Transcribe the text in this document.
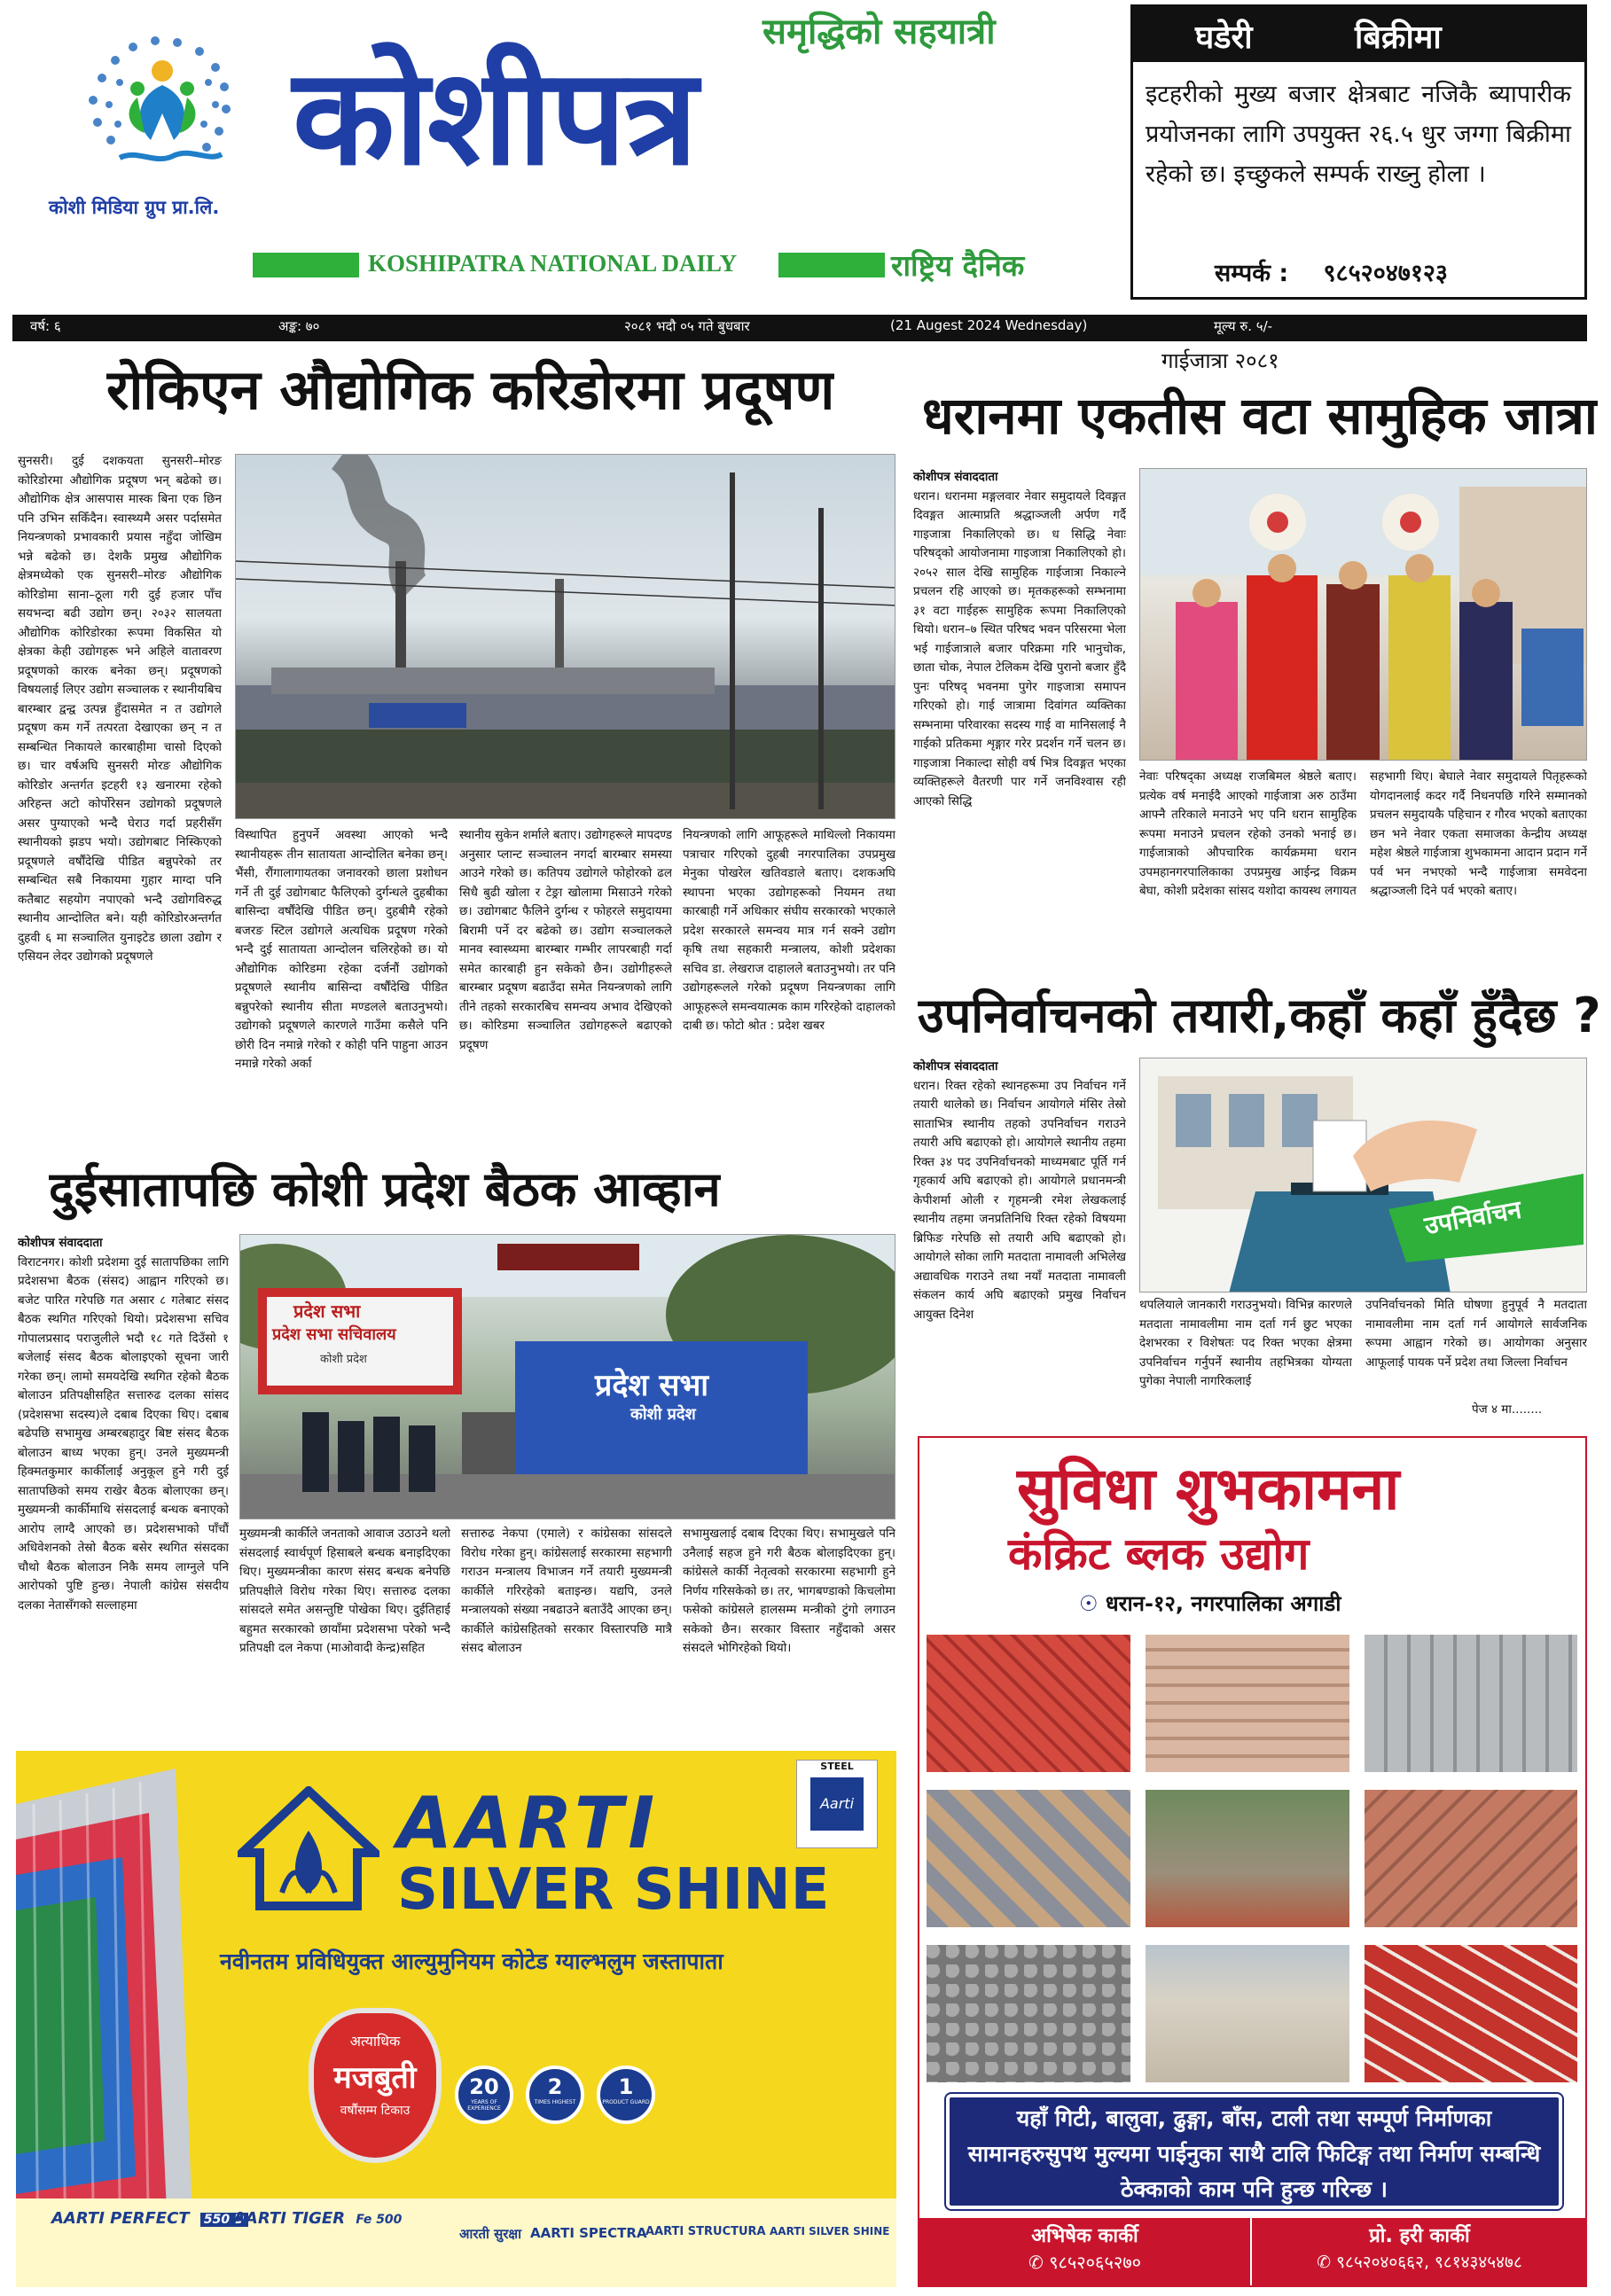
कोशी मिडिया ग्रुप प्रा.लि.
समृद्धिको सहयात्री
कोशीपत्र
KOSHIPATRA NATIONAL DAILY	राष्ट्रिय दैनिक
घडेरी	बिक्रीमा
इटहरीको मुख्य बजार क्षेत्रबाट नजिकै ब्यापारीक प्रयोजनका लागि उपयुक्त २६.५ धुर जग्गा बिक्रीमा रहेको छ। इच्छुकले सम्पर्क राख्नु होला ।
सम्पर्क : ९८५२०४७१२३
वर्ष: ६	अङ्क: ७०	२०८१ भदौ ०५ गते बुधबार	(21 Augest 2024 Wednesday)	मूल्य रु. ५/-
रोकिएन औद्योगिक करिडोरमा प्रदूषण

सुनसरी। दुई दशकयता सुनसरी–मोरङ कोरिडोरमा औद्योगिक प्रदूषण भन् बढेको छ। औद्योगिक क्षेत्र आसपास मास्क बिना एक छिन पनि उभिन सकिँदैन। स्वास्थ्यमै असर पर्दासमेत नियन्त्रणको प्रभावकारी प्रयास नहुँदा जोखिम भन्ने बढेको छ। देशकै प्रमुख औद्योगिक क्षेत्रमध्येको एक सुनसरी–मोरङ औद्योगिक कोरिडोमा साना–ठूला गरी दुई हजार पाँच सयभन्दा बढी उद्योग छन्। २०३२ सालयता औद्योगिक कोरिडोरका रूपमा विकसित यो क्षेत्रका केही उद्योगहरू भने अहिले वातावरण प्रदूषणको कारक बनेका छन्। प्रदूषणको विषयलाई लिएर उद्योग सञ्चालक र स्थानीयबिच बारम्बार द्वन्द्व उत्पन्न हुँदासमेत न त उद्योगले प्रदूषण कम गर्ने तत्परता देखाएका छन् न त सम्बन्धित निकायले कारबाहीमा चासो दिएको छ। चार वर्षअघि सुनसरी मोरङ औद्योगिक कोरिडोर अन्तर्गत इटहरी १३ खनारमा रहेको अरिहन्त अटो कोर्पोरेसन उद्योगको प्रदूषणले असर पुग्याएको भन्दै घेराउ गर्दा प्रहरीसँग स्थानीयको झडप भयो। उद्योगबाट निस्किएको प्रदूषणले वर्षौंदेखि पीडित बन्नुपरेको तर सम्बन्धित सबै निकायमा गुहार माग्दा पनि कतैबाट सहयोग नपाएको भन्दै उद्योगविरुद्ध स्थानीय आन्दोलित बने। यही कोरिडोरअन्तर्गत दुहवी ६ मा सञ्चालित युनाइटेड छाला उद्योग र एसियन लेदर उद्योगको प्रदूषणले

विस्थापित हुनुपर्ने अवस्था आएको भन्दै स्थानीयहरू तीन सातायता आन्दोलित बनेका छन्। भैंसी, रौंगालागायतका जनावरको छाला प्रशोधन गर्ने ती दुई उद्योगबाट फैलिएको दुर्गन्धले दुहबीका बासिन्दा वर्षौंदेखि पीडित छन्। दुहबीमै रहेको बजरङ स्टिल उद्योगले अत्यधिक प्रदूषण गरेको भन्दै दुई सातायता आन्दोलन चलिरहेको छ। यो औद्योगिक कोरिडमा रहेका दर्जनौं उद्योगको प्रदूषणले स्थानीय बासिन्दा वर्षौंदेखि पीडित बन्नुपरेको स्थानीय सीता मण्डलले बताउनुभयो। उद्योगको प्रदूषणले कारणले गाउँमा कसैले पनि छोरी दिन नमान्ने गरेको र कोही पनि पाहुना आउन नमान्ने गरेको अर्का

स्थानीय सुकेन शर्माले बताए। उद्योगहरूले मापदण्ड अनुसार प्लान्ट सञ्चालन नगर्दा बारम्बार समस्या आउने गरेको छ। कतिपय उद्योगले फोहोरको ढल सिधै बुढी खोला र टेङ्रा खोलामा मिसाउने गरेको छ। उद्योगबाट फैलिने दुर्गन्ध र फोहरले समुदायमा बिरामी पर्ने दर बढेको छ। उद्योग सञ्चालकले मानव स्वास्थ्यमा बारम्बार गम्भीर लापरबाही गर्दा समेत कारबाही हुन सकेको छैन। उद्योगीहरूले बारम्बार प्रदूषण बढाउँदा समेत नियन्त्रणको लागि तीने तहको सरकारबिच समन्वय अभाव देखिएको छ। कोरिडमा सञ्चालित उद्योगहरूले बढाएको प्रदूषण

नियन्त्रणको लागि आफूहरूले माथिल्लो निकायमा पत्राचार गरिएको दुहबी नगरपालिका उपप्रमुख मेनुका पोखरेल खतिवडाले बताए। दशकअघि स्थापना भएका उद्योगहरूको नियमन तथा कारबाही गर्ने अधिकार संघीय सरकारको भएकाले प्रदेश सरकारले समन्वय मात्र गर्न सक्ने उद्योग कृषि तथा सहकारी मन्त्रालय, कोशी प्रदेशका सचिव डा. लेखराज दाहालले बताउनुभयो। तर पनि उद्योगहरूलले गरेको प्रदूषण नियन्त्रणका लागि आफूहरूले समन्वयात्मक काम गरिरहेको दाहालको दाबी छ। फोटो श्रोत : प्रदेश खबर

गाईजात्रा २०८१
धरानमा एकतीस वटा सामुहिक जात्रा

कोशीपत्र संवाददाता

धरान। धरानमा मङ्गलवार नेवार समुदायले दिवङ्गत दिवङ्गत आत्माप्रति श्रद्धाञ्जली अर्पण गर्दै गाइजात्रा निकालिएको छ। ध सिद्धि नेवाः परिषद्को आयोजनामा गाइजात्रा निकालिएको हो। २०५२ साल देखि सामुहिक गाईजात्रा निकाल्ने प्रचलन रहि आएको छ। मृतकहरूको सम्भनामा ३१ वटा गाईहरू सामुहिक रूपमा निकालिएको थियो। धरान–७ स्थित परिषद भवन परिसरमा भेला भई गाईजात्राले बजार परिक्रमा गरि भानुचोक, छाता चोक, नेपाल टेलिकम देखि पुरानो बजार हुँदै पुनः परिषद् भवनमा पुगेर गाइजात्रा समापन गरिएको हो। गाई जात्रामा दिवांगत व्यक्तिका सम्भनामा परिवारका सदस्य गाई वा मानिसलाई नै गाईको प्रतिकमा शृङ्गार गरेर प्रदर्शन गर्ने चलन छ। गाइजात्रा निकाल्दा सोही वर्ष भित्र दिवङ्गत भएका व्यक्तिहरूले वैतरणी पार गर्ने जनविश्वास रही आएको सिद्धि

नेवाः परिषद्का अध्यक्ष राजबिमल श्रेष्ठले बताए। प्रत्येक वर्ष मनाईदै आएको गाईजात्रा अरु ठाउँमा आफ्नै तरिकाले मनाउने भए पनि धरान सामुहिक रूपमा मनाउने प्रचलन रहेको उनको भनाई छ। गाईजात्राको औपचारिक कार्यक्रममा धरान उपमहानगरपालिकाका उपप्रमुख आईन्द्र विक्रम बेघा, कोशी प्रदेशका सांसद यशोदा कायस्थ लगायत

सहभागी थिए। बेघाले नेवार समुदायले पितृहरूको योगदानलाई कदर गर्दै निधनपछि गरिने सम्मानको प्रचलन समुदायकै पहिचान र गौरव भएको बताएका छन भने नेवार एकता समाजका केन्द्रीय अध्यक्ष महेश श्रेष्ठले गाईजात्रा शुभकामना आदान प्रदान गर्ने पर्व भन नभएको भन्दै गाईजात्रा समवेदना श्रद्धाञ्जली दिने पर्व भएको बताए।

उपनिर्वाचनको तयारी,कहाँ कहाँ हुँदैछ ?

कोशीपत्र संवाददाता

धरान। रिक्त रहेको स्थानहरूमा उप निर्वाचन गर्ने तयारी थालेको छ। निर्वाचन आयोगले मंसिर तेस्रो साताभित्र स्थानीय तहको उपनिर्वाचन गराउने तयारी अघि बढाएको हो। आयोगले स्थानीय तहमा रिक्त ३४ पद उपनिर्वाचनको माध्यमबाट पूर्ति गर्न गृहकार्य अघि बढाएको हो। आयोगले प्रधानमन्त्री केपीशर्मा ओली र गृहमन्त्री रमेश लेखकलाई स्थानीय तहमा जनप्रतिनिधि रिक्त रहेको विषयमा ब्रिफिङ गरेपछि सो तयारी अघि बढाएको हो। आयोगले सोका लागि मतदाता नामावली अभिलेख अद्यावधिक गराउने तथा नयाँ मतदाता नामावली संकलन कार्य अघि बढाएको प्रमुख निर्वाचन आयुक्त दिनेश

उपनिर्वाचन

थपलियाले जानकारी गराउनुभयो। विभिन्न कारणले मतदाता नामावलीमा नाम दर्ता गर्न छुट भएका देशभरका र विशेषतः पद रिक्त भएका क्षेत्रमा उपनिर्वाचन गर्नुपर्ने स्थानीय तहभित्रका योग्यता पुगेका नेपाली नागरिकलाई

उपनिर्वाचनको मिति घोषणा हुनुपूर्व नै मतदाता नामावलीमा नाम दर्ता गर्न आयोगले सार्वजनिक रूपमा आह्वान गरेको छ। आयोगका अनुसार आफूलाई पायक पर्ने प्रदेश तथा जिल्ला निर्वाचन

पेज ४ मा........
दुईसातापछि कोशी प्रदेश बैठक आव्हान

कोशीपत्र संवाददाता

विराटनगर। कोशी प्रदेशमा दुई सातापछिका लागि प्रदेशसभा बैठक (संसद) आह्वान गरिएको छ। बजेट पारित गरेपछि गत असार ८ गतेबाट संसद बैठक स्थगित गरिएको थियो। प्रदेशसभा सचिव गोपालप्रसाद पराजुलीले भदौ १८ गते दिउँसो १ बजेलाई संसद बैठक बोलाइएको सूचना जारी गरेका छन्। लामो समयदेखि स्थगित रहेको बैठक बोलाउन प्रतिपक्षीसहित सत्तारुढ दलका सांसद (प्रदेशसभा सदस्य)ले दबाब दिएका थिए। दबाब बढेपछि सभामुख अम्बरबहादुर बिष्ट संसद बैठक बोलाउन बाध्य भएका हुन्। उनले मुख्यमन्त्री हिक्मतकुमार कार्कीलाई अनुकूल हुने गरी दुई सातापछिको समय राखेर बैठक बोलाएका छन्। मुख्यमन्त्री कार्कीमाथि संसदलाई बन्धक बनाएको आरोप लाग्दै आएको छ। प्रदेशसभाको पाँचौं अधिवेशनको तेस्रो बैठक बसेर स्थगित संसदका चौथो बैठक बोलाउन निकै समय लाग्नुले पनि आरोपको पुष्टि हुन्छ। नेपाली कांग्रेस संसदीय दलका नेतासँगको सल्लाहमा

प्रदेश सभा
प्रदेश सभा सचिवालय
कोशी प्रदेश
प्रदेश सभा
कोशी प्रदेश

मुख्यमन्त्री कार्कीले जनताको आवाज उठाउने थलो संसदलाई स्वार्थपूर्ण हिसाबले बन्धक बनाइदिएका थिए। मुख्यमन्त्रीका कारण संसद बन्धक बनेपछि प्रतिपक्षीले विरोध गरेका थिए। सत्तारुढ दलका सांसदले समेत असन्तुष्टि पोखेका थिए। दुईतिहाई बहुमत सरकारको छायाँमा प्रदेशसभा परेको भन्दै प्रतिपक्षी दल नेकपा (माओवादी केन्द्र)सहित

सत्तारुढ नेकपा (एमाले) र कांग्रेसका सांसदले विरोध गरेका हुन्। कांग्रेसलाई सरकारमा सहभागी गराउन मन्त्रालय विभाजन गर्ने तयारी मुख्यमन्त्री कार्कीले गरिरहेको बताइन्छ। यद्यपि, उनले मन्त्रालयको संख्या नबढाउने बताउँदै आएका छन्। कार्कीले कांग्रेसहितको सरकार विस्तारपछि मात्रै संसद बोलाउन

सभामुखलाई दबाब दिएका थिए। सभामुखले पनि उनैलाई सहज हुने गरी बैठक बोलाइदिएका हुन्। कांग्रेसले कार्की नेतृत्वको सरकारमा सहभागी हुने निर्णय गरिसकेको छ। तर, भागबण्डाको किचलोमा फसेको कांग्रेसले हालसम्म मन्त्रीको टुंगो लगाउन सकेको छैन। सरकार विस्तार नहुँदाको असर संसदले भोगिरहेको थियो।

AARTI
SILVER SHINE
STEEL
Aarti
नवीनतम प्रविधियुक्त आल्युमुनियम कोटेड ग्याल्भलुम जस्तापाता
अत्याधिक
मजबुती
वर्षौंसम्म टिकाउ
20
YEARS OF EXPERIENCE
2
TIMES HIGHEST
1
PRODUCT GUARD
AARTI PERFECT 550 D
AARTI TIGER Fe 500
आरती सुरक्षा AARTI SPECTRA
AARTI STRUCTURA AARTI SILVER SHINE
सुविधा शुभकामना
कंक्रिट ब्लक उद्योग
☉ धरान-१२, नगरपालिका अगाडी
यहाँ गिटी, बालुवा, ढुङ्गा, बाँस, टाली तथा सम्पूर्ण निर्माणका सामानहरुसुपथ मुल्यमा पाईनुका साथै टालि फिटिङ्ग तथा निर्माण सम्बन्धि ठेक्काको काम पनि हुन्छ गरिन्छ ।
अभिषेक कार्की
✆ ९८५२०६५२७०
प्रो. हरी कार्की
✆ ९८५२०४०६६२, ९८१४३४५४७८
